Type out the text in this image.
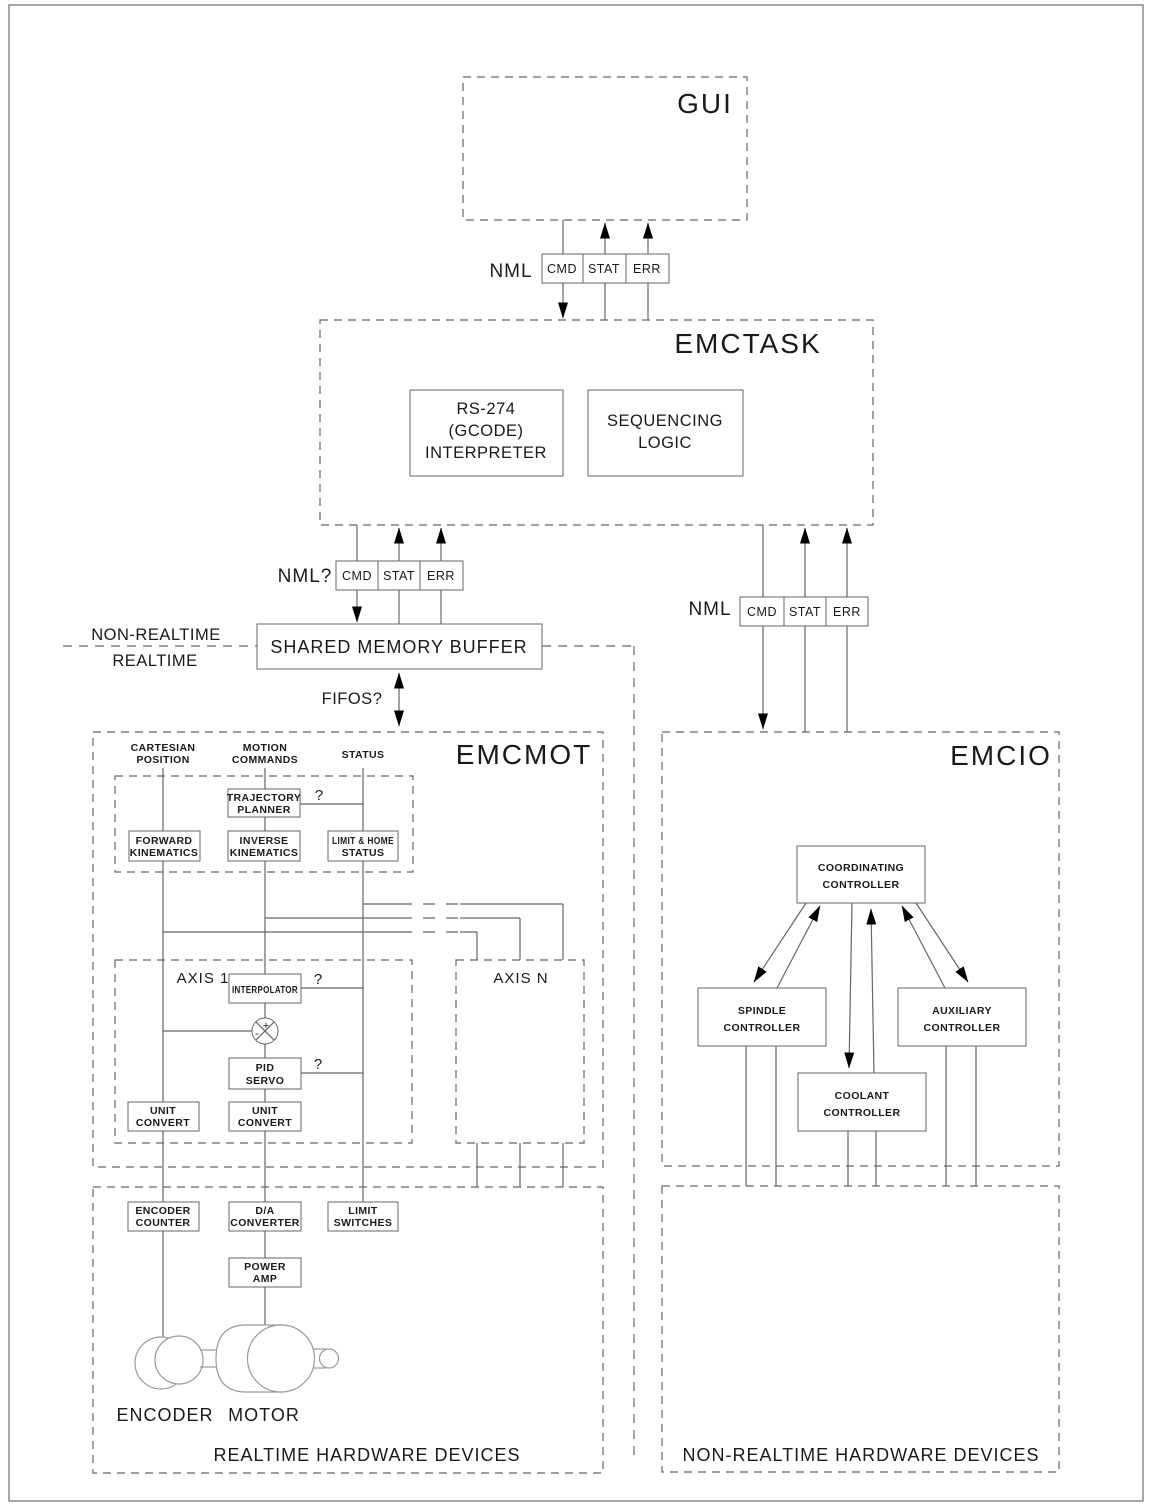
GUI
NML CMD STAT ERR
EMCTASK
RS-274
(GCODE)
INTERPRETER
SEQUENCING
LOGIC
NML? CMD STAT ERR
NML CMD STAT ERR
SHARED MEMORY BUFFER
NON-REALTIME
REALTIME
FIFOS?
EMCMOT
CARTESIAN
POSITION
MOTION
COMMANDS	STATUS
TRAJECTORY
PLANNER
FORWARD
KINEMATICS
INVERSE
KINEMATICS
LIMIT & HOME
STATUS
?
AXIS 1
INTERPOLATOR
?
+
-
PID
SERVO
?
UNIT
CONVERT
UNIT
CONVERT
AXIS N
ENCODER
COUNTER
D/A
CONVERTER
LIMIT
SWITCHES
POWER
AMP
ENCODER MOTOR
REALTIME HARDWARE DEVICES
EMCIO
COORDINATING
CONTROLLER
SPINDLE
CONTROLLER
AUXILIARY
CONTROLLER
COOLANT
CONTROLLER
NON-REALTIME HARDWARE DEVICES
